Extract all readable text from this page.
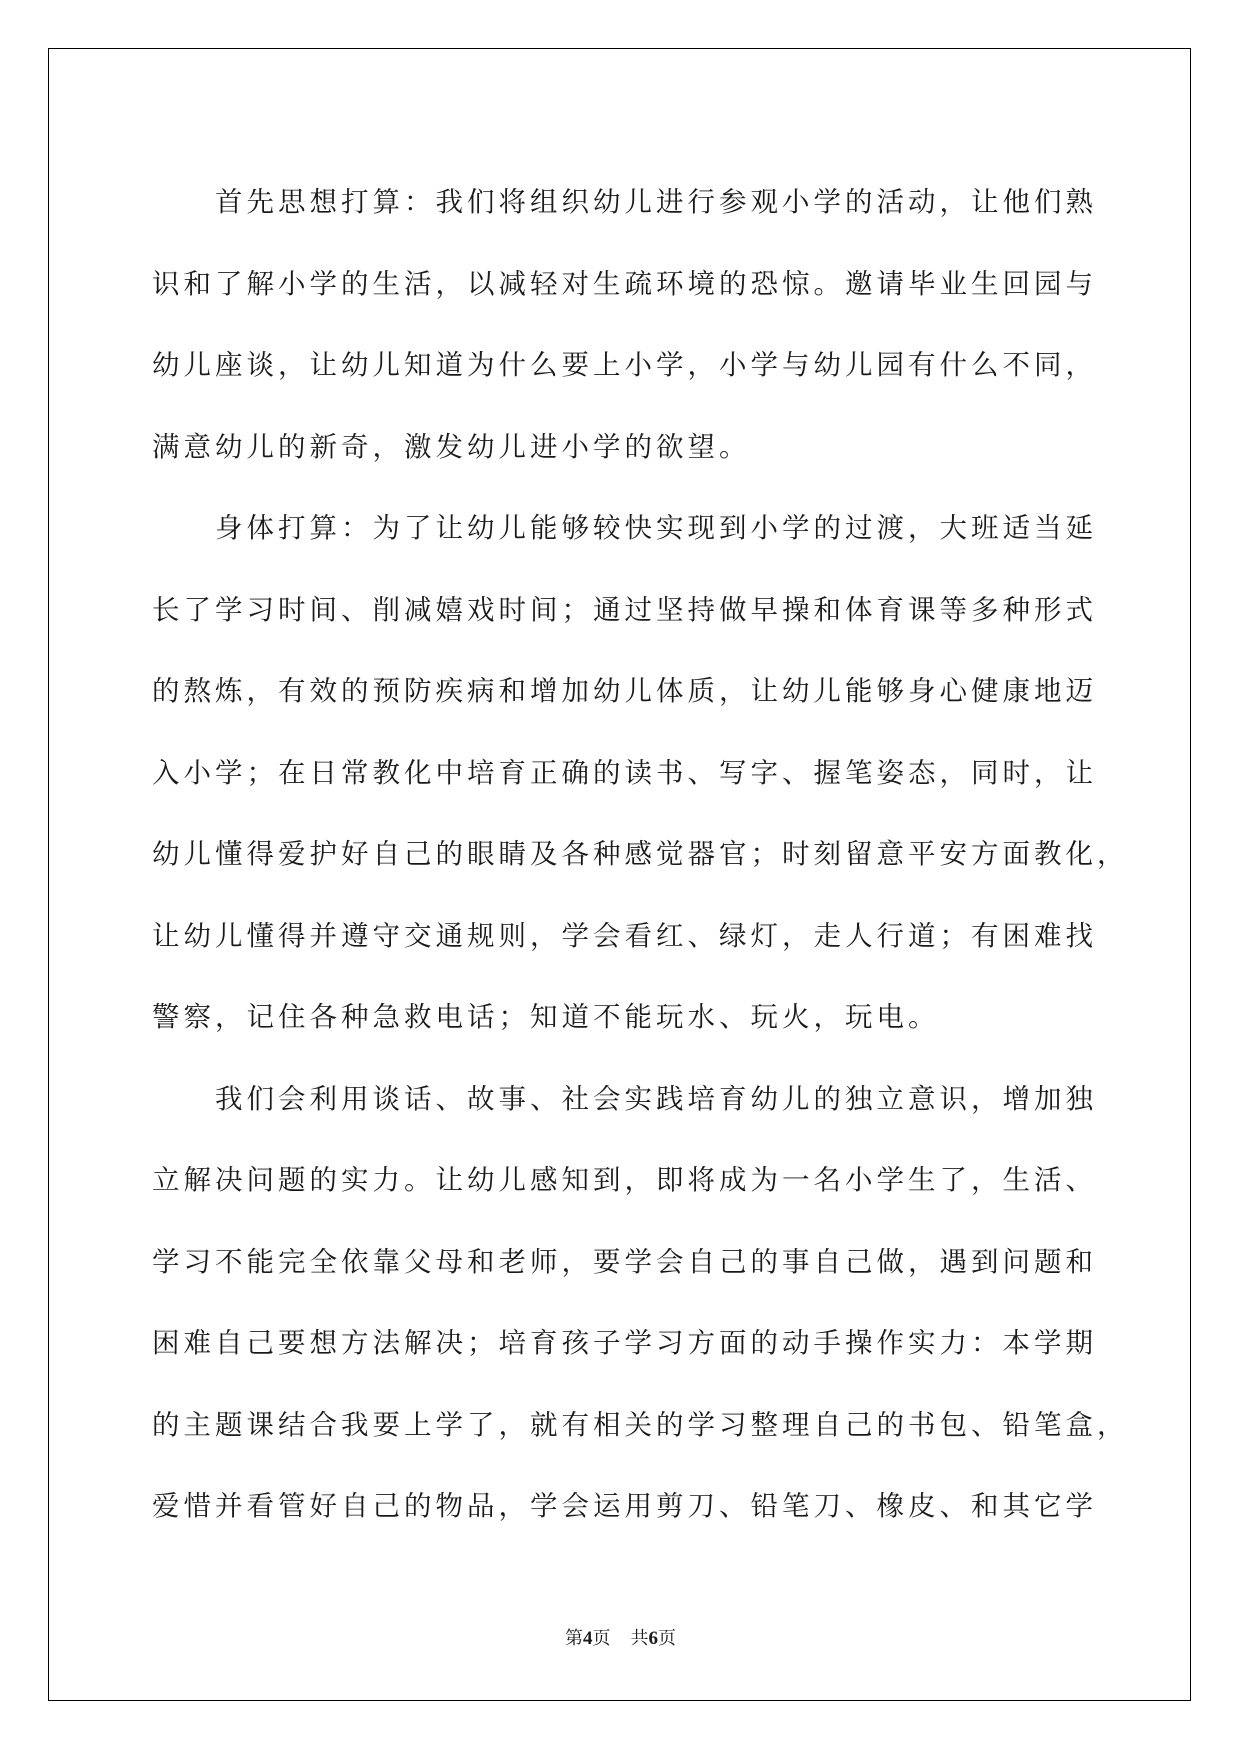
首先思想打算：我们将组织幼儿进行参观小学的活动，让他们熟
识和了解小学的生活，以减轻对生疏环境的恐惊。邀请毕业生回园与
幼儿座谈，让幼儿知道为什么要上小学，小学与幼儿园有什么不同，
满意幼儿的新奇，激发幼儿进小学的欲望。
身体打算：为了让幼儿能够较快实现到小学的过渡，大班适当延
长了学习时间、削减嬉戏时间；通过坚持做早操和体育课等多种形式
的熬炼，有效的预防疾病和增加幼儿体质，让幼儿能够身心健康地迈
入小学；在日常教化中培育正确的读书、写字、握笔姿态，同时，让
幼儿懂得爱护好自己的眼睛及各种感觉器官；时刻留意平安方面教化，
让幼儿懂得并遵守交通规则，学会看红、绿灯，走人行道；有困难找
警察，记住各种急救电话；知道不能玩水、玩火，玩电。
我们会利用谈话、故事、社会实践培育幼儿的独立意识，增加独
立解决问题的实力。让幼儿感知到，即将成为一名小学生了，生活、
学习不能完全依靠父母和老师，要学会自己的事自己做，遇到问题和
困难自己要想方法解决；培育孩子学习方面的动手操作实力：本学期
的主题课结合我要上学了，就有相关的学习整理自己的书包、铅笔盒，
爱惜并看管好自己的物品，学会运用剪刀、铅笔刀、橡皮、和其它学
第4页 共6页
